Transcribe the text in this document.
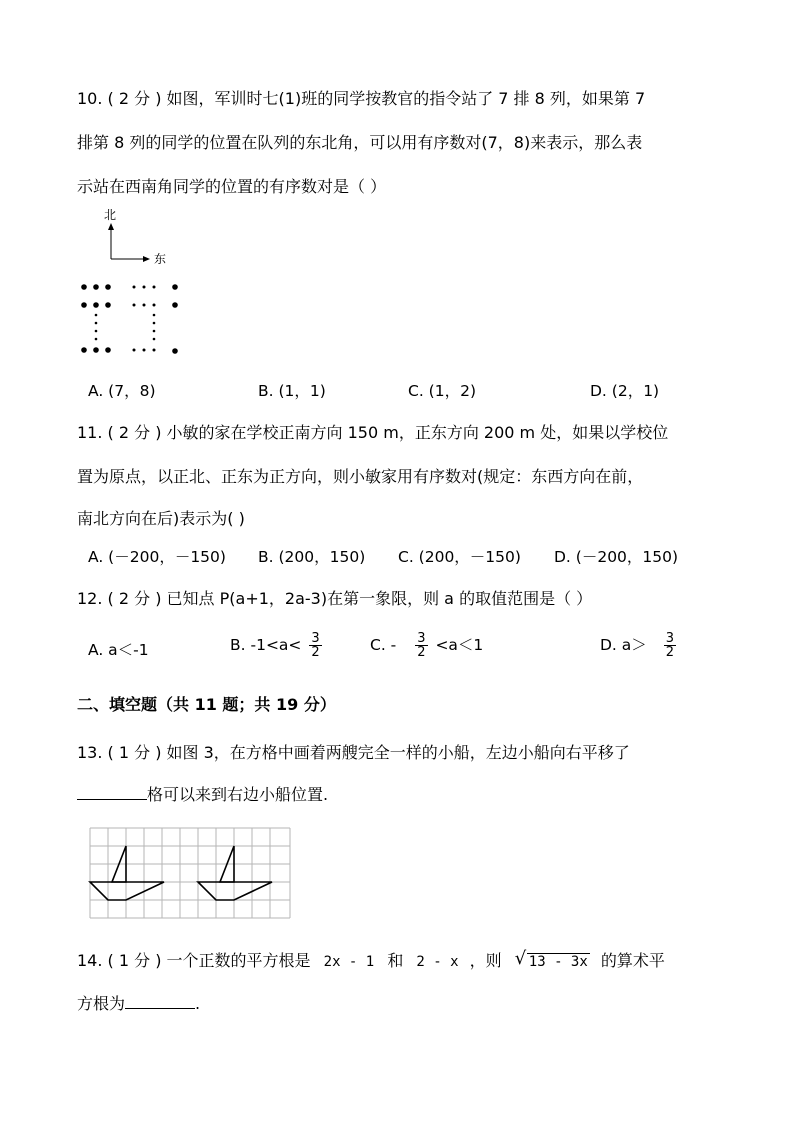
10. ( 2 分 ) 如图，军训时七(1)班的同学按教官的指令站了 7 排 8 列，如果第 7
排第 8 列的同学的位置在队列的东北角，可以用有序数对(7，8)来表示，那么表
示站在西南角同学的位置的有序数对是（ ）
北
东
A. (7，8)	B. (1，1)	C. (1，2)	D. (2，1)
11. ( 2 分 ) 小敏的家在学校正南方向 150 m，正东方向 200 m 处，如果以学校位
置为原点，以正北、正东为正方向，则小敏家用有序数对(规定：东西方向在前，
南北方向在后)表示为( )
A. (－200，－150) B. (200，150) C. (200，－150) D. (－200，150)
12. ( 2 分 ) 已知点 P(a+1，2a-3)在第一象限，则 a 的取值范围是（ ）
A. a＜-1	B. $-1<a< \frac{3}{2}$	C. - $\frac{3}{2} <a<1$	D. $a> \frac{3}{2}$
二、填空题（共 11 题；共 19 分）
13. ( 1 分 ) 如图 3，在方格中画着两艘完全一样的小船，左边小船向右平移了
格可以来到右边小船位置.
14. ( 1 分 ) 一个正数的平方根是 2x - 1 和 2 - x ，则 √ 13 - 3x 的算术平
方根为	.
